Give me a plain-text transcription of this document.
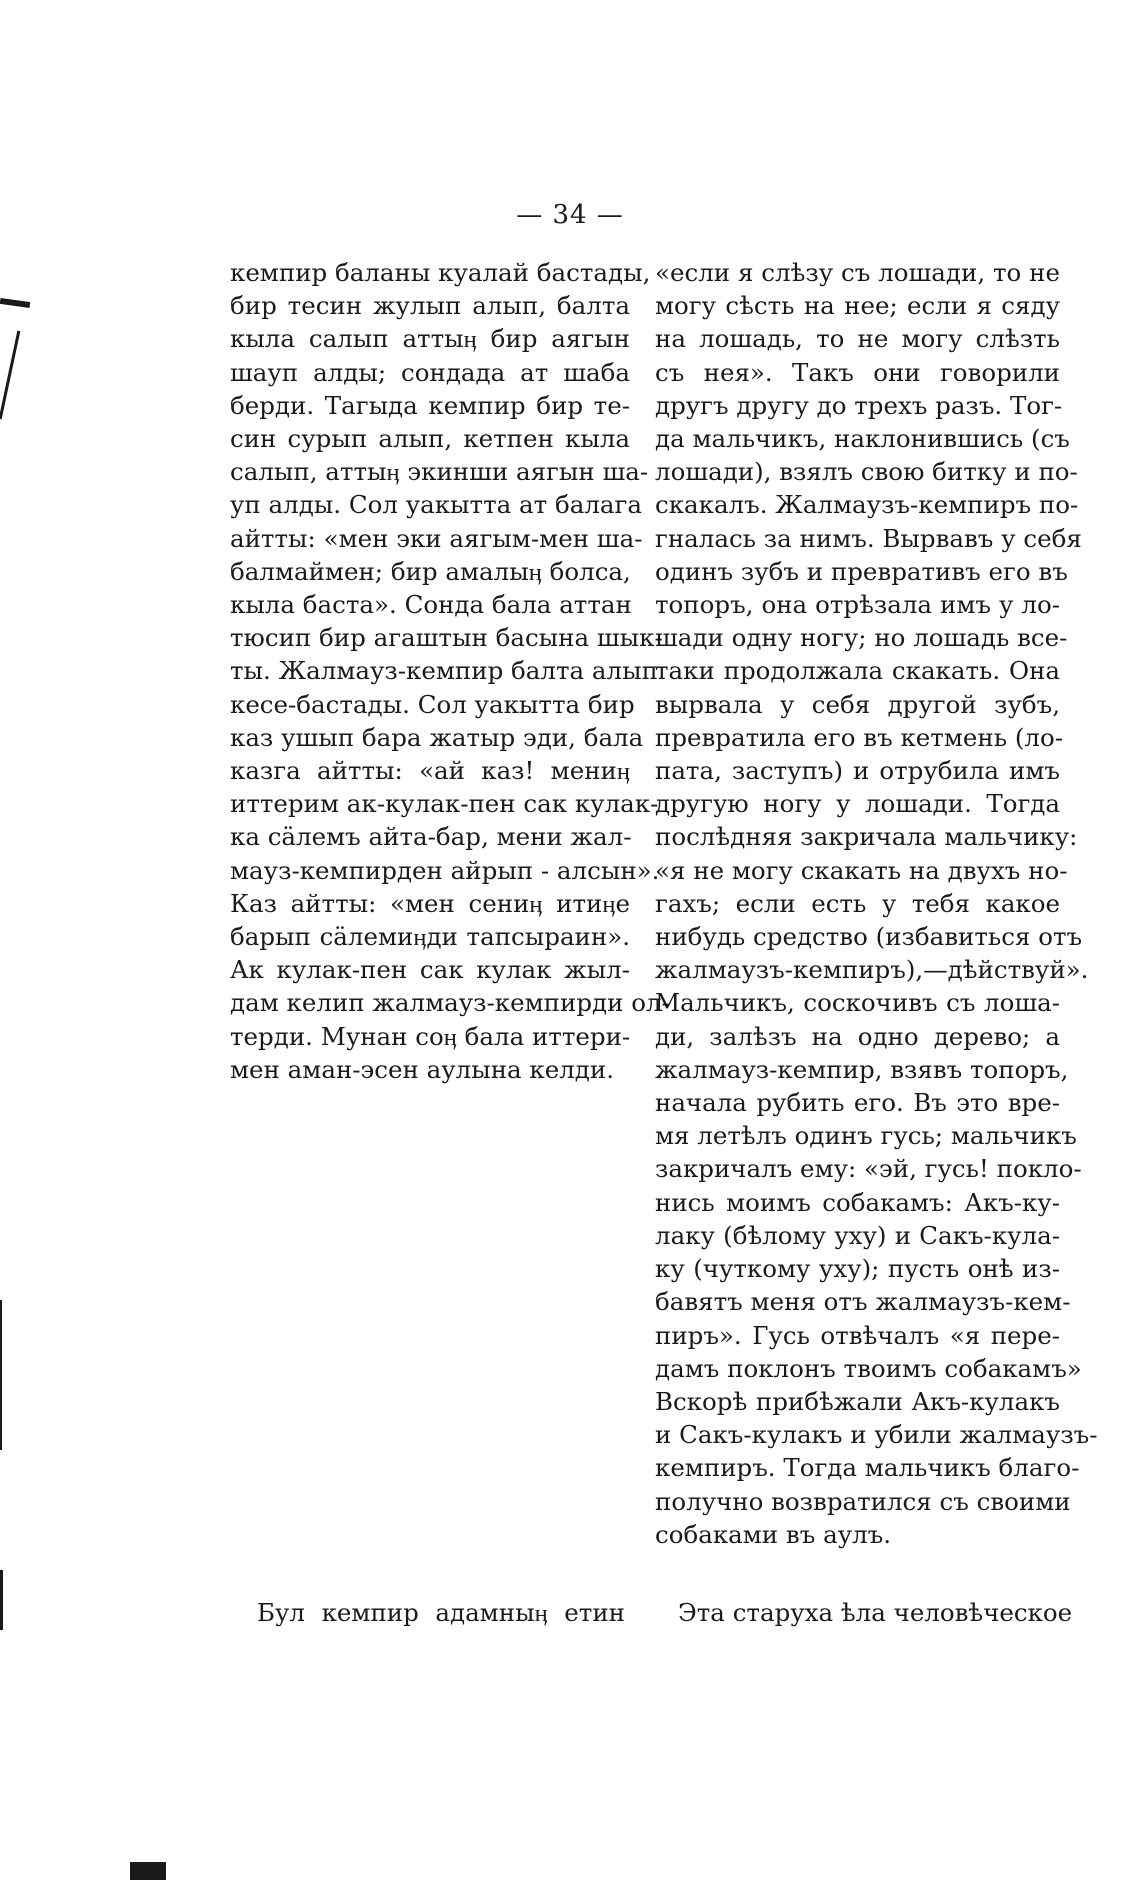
— 34 —
кемпир баланы куалай бастады,
бир тесин жулып алып, балта
кыла салып аттыӊ бир аягын
шауп алды; сондада ат шаба
берди. Тагыда кемпир бир те-
син сурып алып, кетпен кыла
салып, аттыӊ экинши аягын ша-
уп алды. Сол уакытта ат балага
айтты: «мен эки аягым-мен ша-
балмаймен; бир амалыӊ болса,
кыла баста». Сонда бала аттан
тюсип бир агаштын басына шык-
ты. Жалмауз-кемпир балта алып
кесе-бастады. Сол уакытта бир
каз ушып бара жатыр эди, бала
казга айтты: «ай каз! мениӊ
иттерим ак-кулак-пен сак кулак-
ка сäлемъ айта-бар, мени жал-
мауз-кемпирден айрып - алсын».
Каз айтты: «мен сениӊ итиӊе
барып сäлемиӊди тапсыраин».
Ак кулак-пен сак кулак жыл-
дам келип жалмауз-кемпирди ол-
терди. Мунан соӊ бала иттери-
мен аман-эсен аулына келди.
«если я слѣзу съ лошади, то не
могу сѣсть на нее; если я сяду
на лошадь, то не могу слѣзть
съ нея». Такъ они говорили
другъ другу до трехъ разъ. Тог-
да мальчикъ, наклонившись (съ
лошади), взялъ свою битку и по-
скакалъ. Жалмаузъ-кемпиръ по-
гналась за нимъ. Вырвавъ у себя
одинъ зубъ и превративъ его въ
топоръ, она отрѣзала имъ у ло-
шади одну ногу; но лошадь все-
таки продолжала скакать. Она
вырвала у себя другой зубъ,
превратила его въ кетмень (ло-
пата, заступъ) и отрубила имъ
другую ногу у лошади. Тогда
послѣдняя закричала мальчику:
«я не могу скакать на двухъ но-
гахъ; если есть у тебя какое
нибудь средство (избавиться отъ
жалмаузъ-кемпиръ),—дѣйствуй».
Мальчикъ, соскочивъ съ лоша-
ди, залѣзъ на одно дерево; а
жалмауз-кемпир, взявъ топоръ,
начала рубить его. Въ это вре-
мя летѣлъ одинъ гусь; мальчикъ
закричалъ ему: «эй, гусь! покло-
нись моимъ собакамъ: Акъ-ку-
лаку (бѣлому уху) и Сакъ-кула-
ку (чуткому уху); пусть онѣ из-
бавятъ меня отъ жалмаузъ-кем-
пиръ». Гусь отвѣчалъ «я пере-
дамъ поклонъ твоимъ собакамъ»
Вскорѣ прибѣжали Акъ-кулакъ
и Сакъ-кулакъ и убили жалмаузъ-
кемпиръ. Тогда мальчикъ благо-
получно возвратился съ своими
собаками въ аулъ.
Бул кемпир адамныӊ етин Эта старуха ѣла человѣческое
